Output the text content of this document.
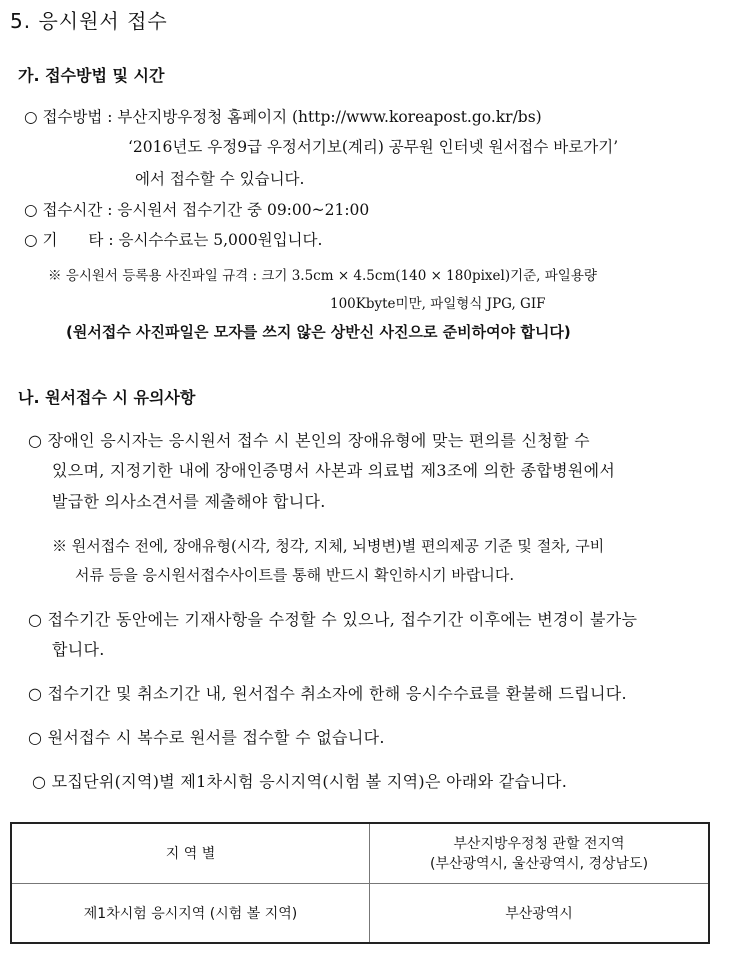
5. 응시원서 접수
가. 접수방법 및 시간
○ 접수방법 : 부산지방우정청 홈페이지 (http://www.koreapost.go.kr/bs)
‘2016년도 우정9급 우정서기보(계리) 공무원 인터넷 원서접수 바로가기’
에서 접수할 수 있습니다.
○ 접수시간 : 응시원서 접수기간 중 09:00~21:00
○ 기　　타 : 응시수수료는 5,000원입니다.
※ 응시원서 등록용 사진파일 규격 : 크기 3.5cm × 4.5cm(140 × 180pixel)기준, 파일용량
100Kbyte미만, 파일형식 JPG, GIF
(원서접수 사진파일은 모자를 쓰지 않은 상반신 사진으로 준비하여야 합니다)
나. 원서접수 시 유의사항
○ 장애인 응시자는 응시원서 접수 시 본인의 장애유형에 맞는 편의를 신청할 수
있으며, 지정기한 내에 장애인증명서 사본과 의료법 제3조에 의한 종합병원에서
발급한 의사소견서를 제출해야 합니다.
※ 원서접수 전에, 장애유형(시각, 청각, 지체, 뇌병변)별 편의제공 기준 및 절차, 구비
서류 등을 응시원서접수사이트를 통해 반드시 확인하시기 바랍니다.
○ 접수기간 동안에는 기재사항을 수정할 수 있으나, 접수기간 이후에는 변경이 불가능
합니다.
○ 접수기간 및 취소기간 내, 원서접수 취소자에 한해 응시수수료를 환불해 드립니다.
○ 원서접수 시 복수로 원서를 접수할 수 없습니다.
○ 모집단위(지역)별 제1차시험 응시지역(시험 볼 지역)은 아래와 같습니다.
지 역 별	부산지방우정청 관할 전지역
(부산광역시, 울산광역시, 경상남도)

제1차시험 응시지역 (시험 볼 지역)	부산광역시
